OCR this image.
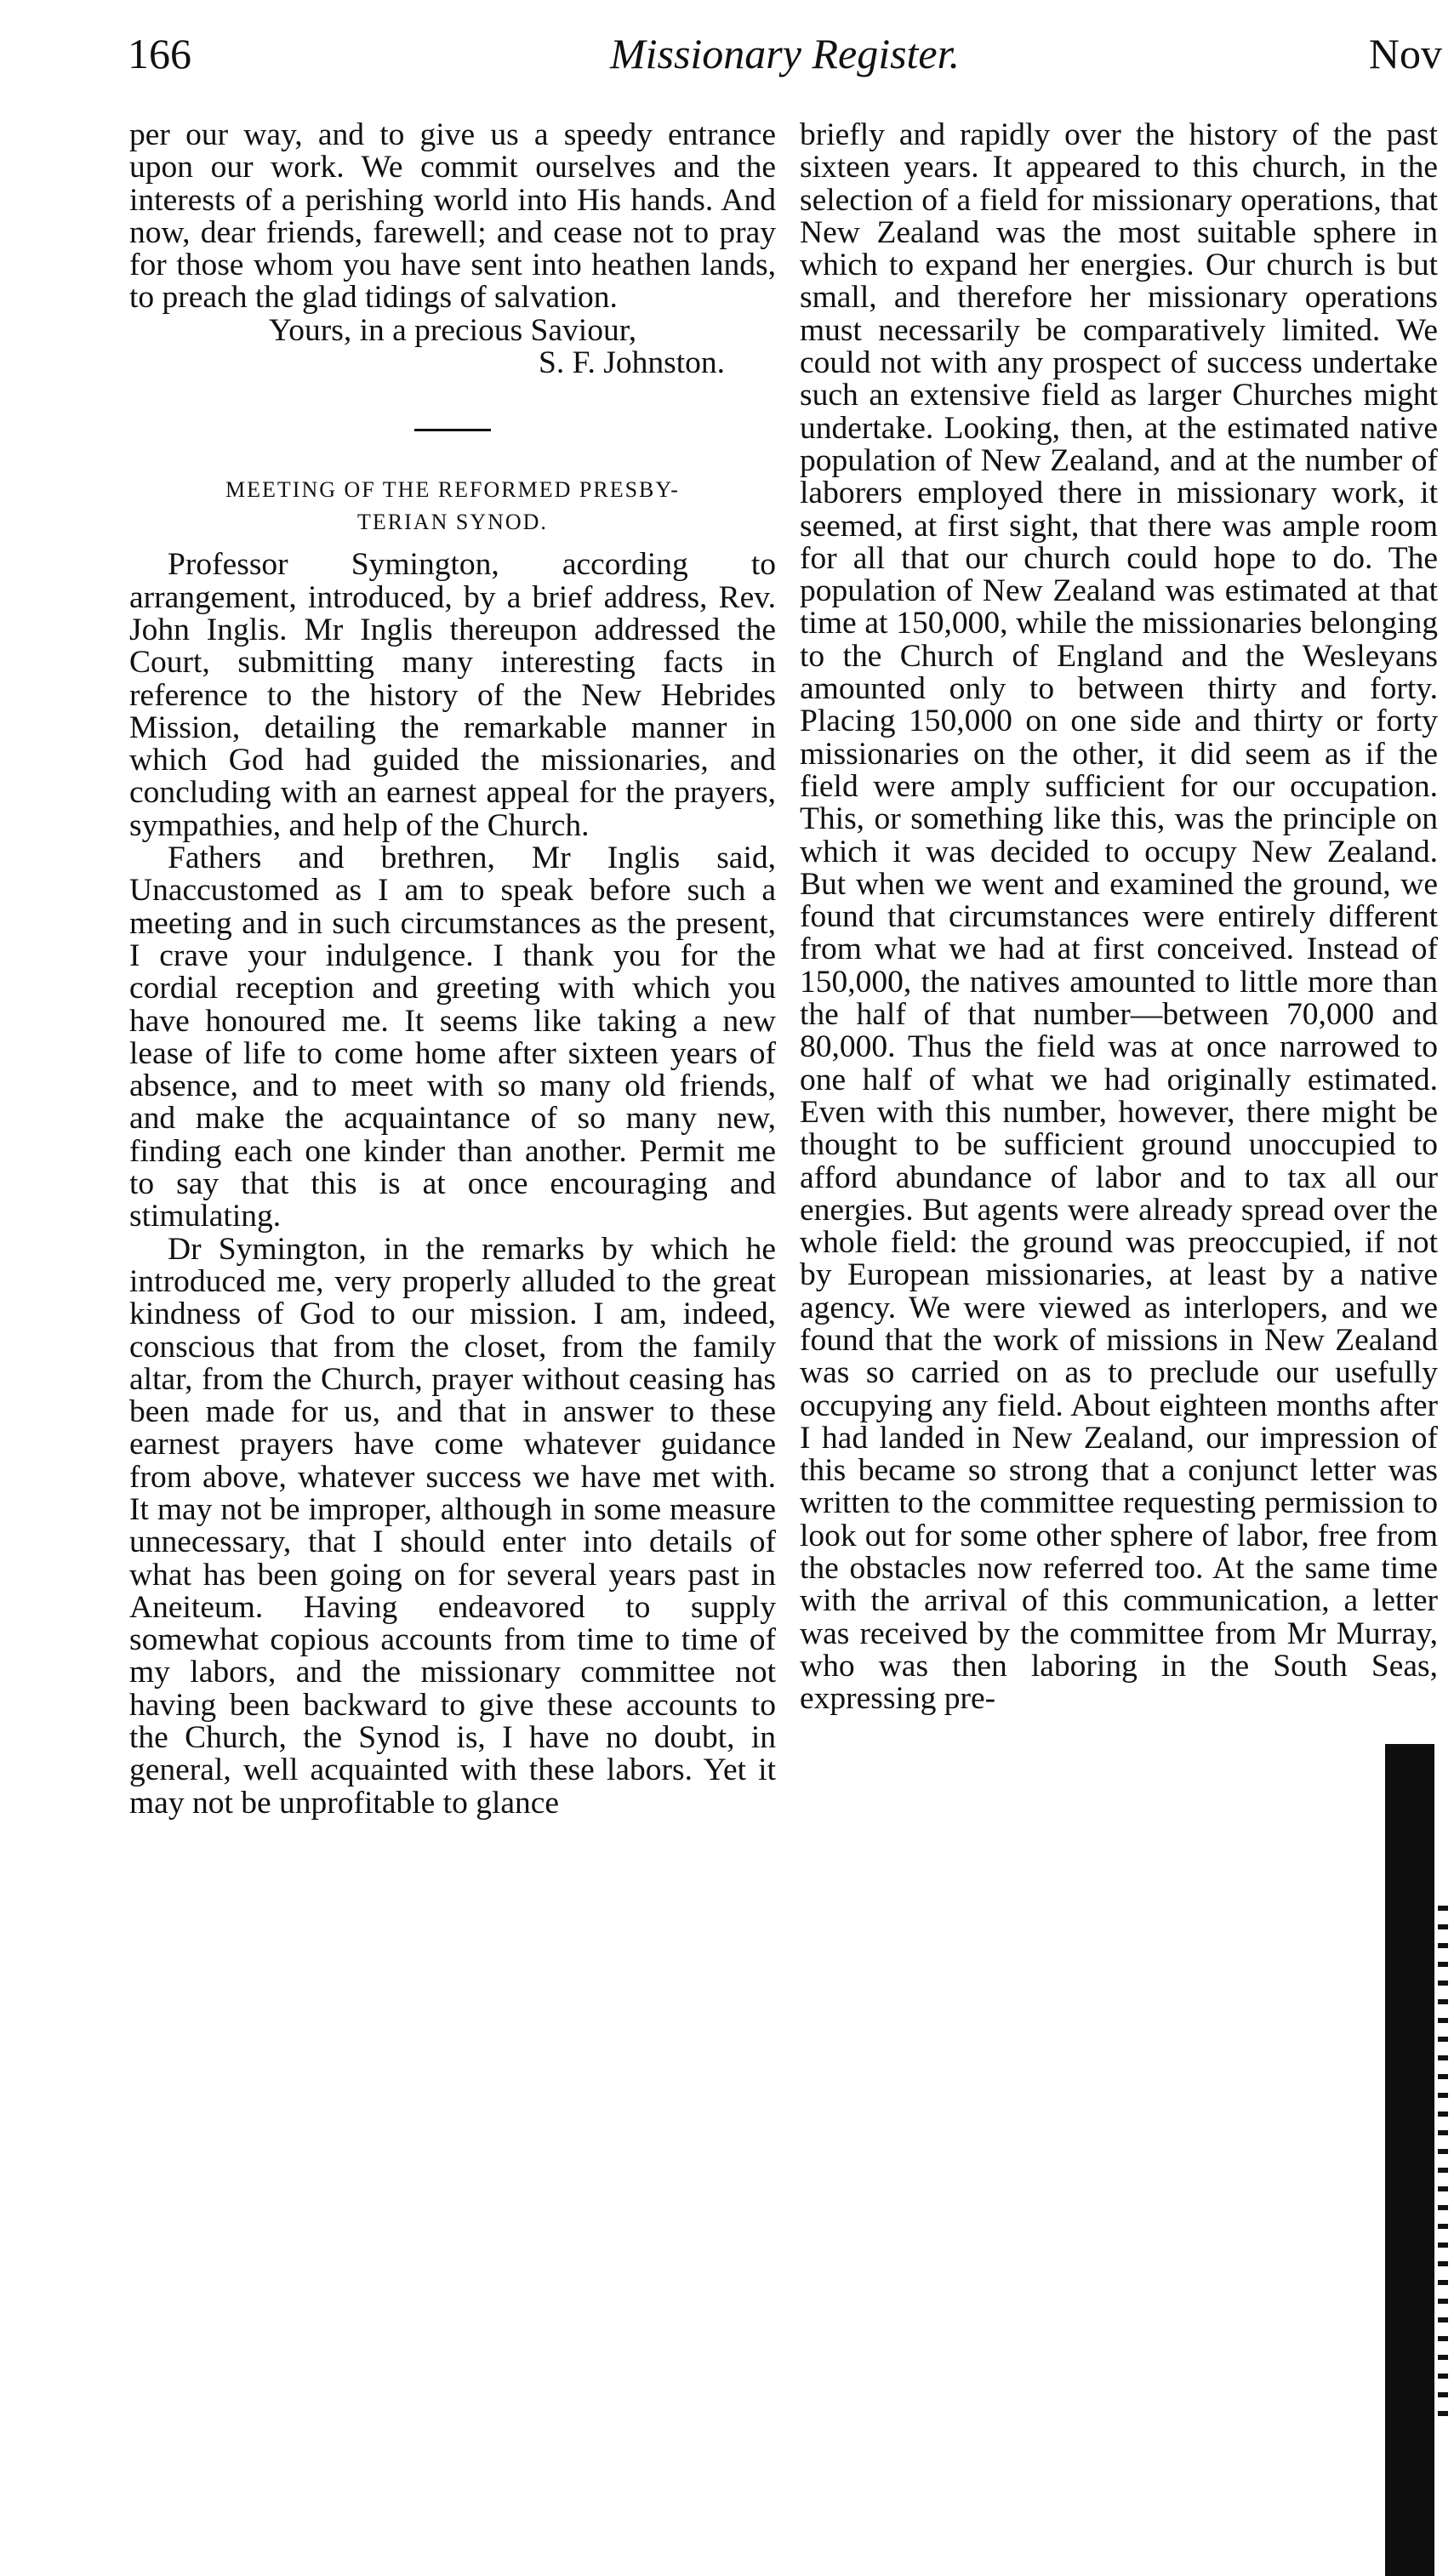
166	Missionary Register.	Nov

per our way, and to give us a speedy entrance upon our work. We commit ourselves and the interests of a perishing world into His hands. And now, dear friends, farewell; and cease not to pray for those whom you have sent into heathen lands, to preach the glad tidings of salvation.

Yours, in a precious Saviour,

S. F. Johnston.

MEETING OF THE REFORMED PRESBY-
TERIAN SYNOD.

Professor Symington, according to arrangement, introduced, by a brief address, Rev. John Inglis. Mr Inglis thereupon addressed the Court, submitting many interesting facts in reference to the history of the New Hebrides Mission, detailing the remarkable manner in which God had guided the missionaries, and concluding with an earnest appeal for the prayers, sympathies, and help of the Church.

Fathers and brethren, Mr Inglis said, Unaccustomed as I am to speak before such a meeting and in such circumstances as the present, I crave your indulgence. I thank you for the cordial reception and greeting with which you have honoured me. It seems like taking a new lease of life to come home after sixteen years of absence, and to meet with so many old friends, and make the acquaintance of so many new, finding each one kinder than another. Permit me to say that this is at once encouraging and stimulating.

Dr Symington, in the remarks by which he introduced me, very properly alluded to the great kindness of God to our mission. I am, indeed, conscious that from the closet, from the family altar, from the Church, prayer without ceasing has been made for us, and that in answer to these earnest prayers have come whatever guidance from above, whatever success we have met with. It may not be improper, although in some measure unnecessary, that I should enter into details of what has been going on for several years past in Aneiteum. Having endeavored to supply somewhat copious accounts from time to time of my labors, and the missionary committee not having been backward to give these accounts to the Church, the Synod is, I have no doubt, in general, well acquainted with these labors. Yet it may not be unprofitable to glance

briefly and rapidly over the history of the past sixteen years. It appeared to this church, in the selection of a field for missionary operations, that New Zealand was the most suitable sphere in which to expand her energies. Our church is but small, and therefore her missionary operations must necessarily be comparatively limited. We could not with any prospect of success undertake such an extensive field as larger Churches might undertake. Looking, then, at the estimated native population of New Zealand, and at the number of laborers employed there in missionary work, it seemed, at first sight, that there was ample room for all that our church could hope to do. The population of New Zealand was estimated at that time at 150,000, while the missionaries belonging to the Church of England and the Wesleyans amounted only to between thirty and forty. Placing 150,000 on one side and thirty or forty missionaries on the other, it did seem as if the field were amply sufficient for our occupation. This, or something like this, was the principle on which it was decided to occupy New Zealand. But when we went and examined the ground, we found that circumstances were entirely different from what we had at first conceived. Instead of 150,000, the natives amounted to little more than the half of that number—between 70,000 and 80,000. Thus the field was at once narrowed to one half of what we had originally estimated. Even with this number, however, there might be thought to be sufficient ground unoccupied to afford abundance of labor and to tax all our energies. But agents were already spread over the whole field: the ground was preoccupied, if not by European missionaries, at least by a native agency. We were viewed as interlopers, and we found that the work of missions in New Zealand was so carried on as to preclude our usefully occupying any field. About eighteen months after I had landed in New Zealand, our impression of this became so strong that a conjunct letter was written to the committee requesting permission to look out for some other sphere of labor, free from the obstacles now referred too. At the same time with the arrival of this communication, a letter was received by the committee from Mr Murray, who was then laboring in the South Seas, expressing pre-
